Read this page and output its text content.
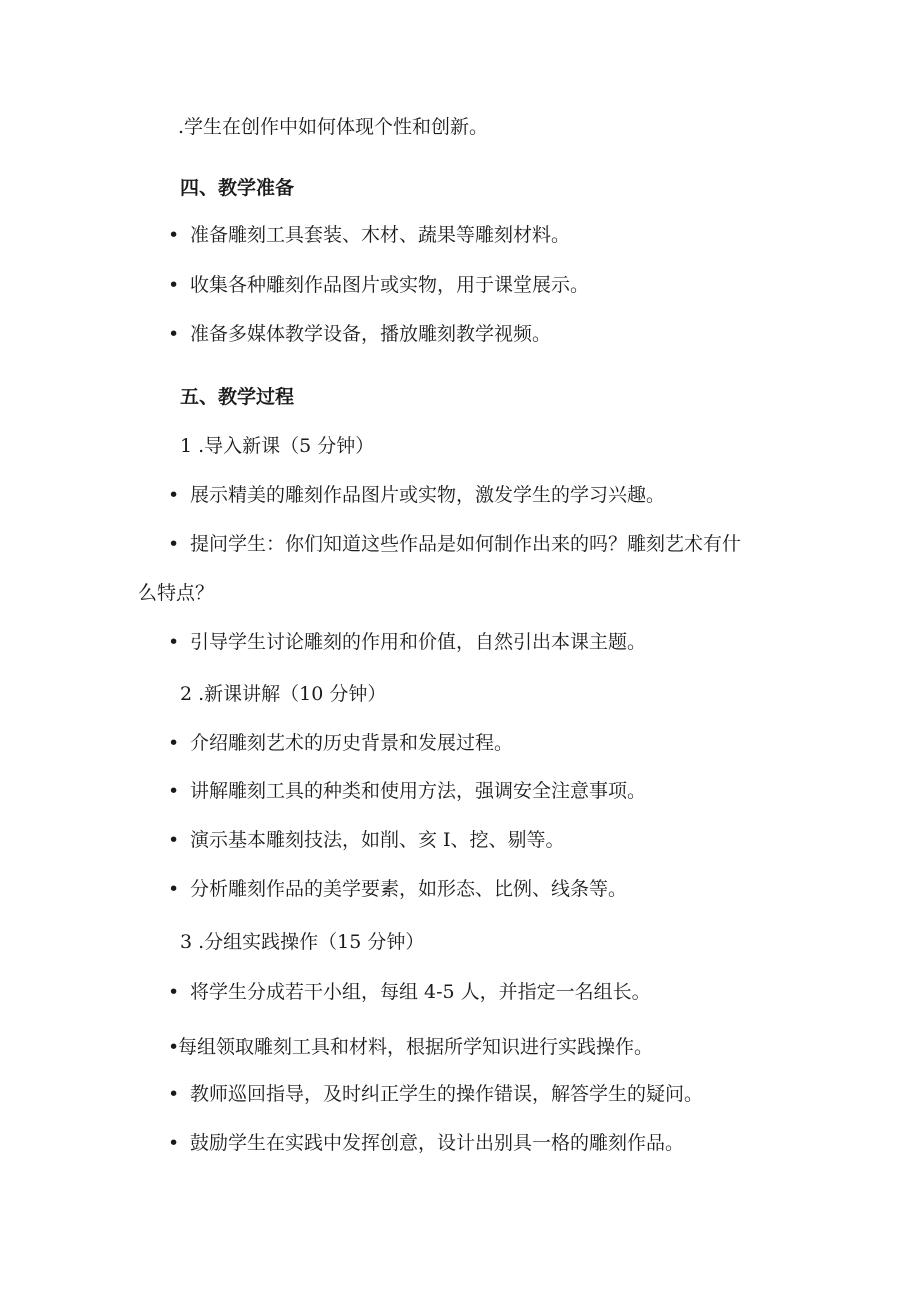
.学生在创作中如何体现个性和创新。
四、教学准备
• 准备雕刻工具套装、木材、蔬果等雕刻材料。
• 收集各种雕刻作品图片或实物，用于课堂展示。
• 准备多媒体教学设备，播放雕刻教学视频。
五、教学过程
1 .导入新课（5 分钟）
• 展示精美的雕刻作品图片或实物，激发学生的学习兴趣。
• 提问学生：你们知道这些作品是如何制作出来的吗？雕刻艺术有什
么特点？
• 引导学生讨论雕刻的作用和价值，自然引出本课主题。
2 .新课讲解（10 分钟）
• 介绍雕刻艺术的历史背景和发展过程。
• 讲解雕刻工具的种类和使用方法，强调安全注意事项。
• 演示基本雕刻技法，如削、亥 I、挖、剔等。
• 分析雕刻作品的美学要素，如形态、比例、线条等。
3 .分组实践操作（15 分钟）
• 将学生分成若干小组，每组 4-5 人，并指定一名组长。
•每组领取雕刻工具和材料，根据所学知识进行实践操作。
• 教师巡回指导，及时纠正学生的操作错误，解答学生的疑问。
• 鼓励学生在实践中发挥创意，设计出别具一格的雕刻作品。
